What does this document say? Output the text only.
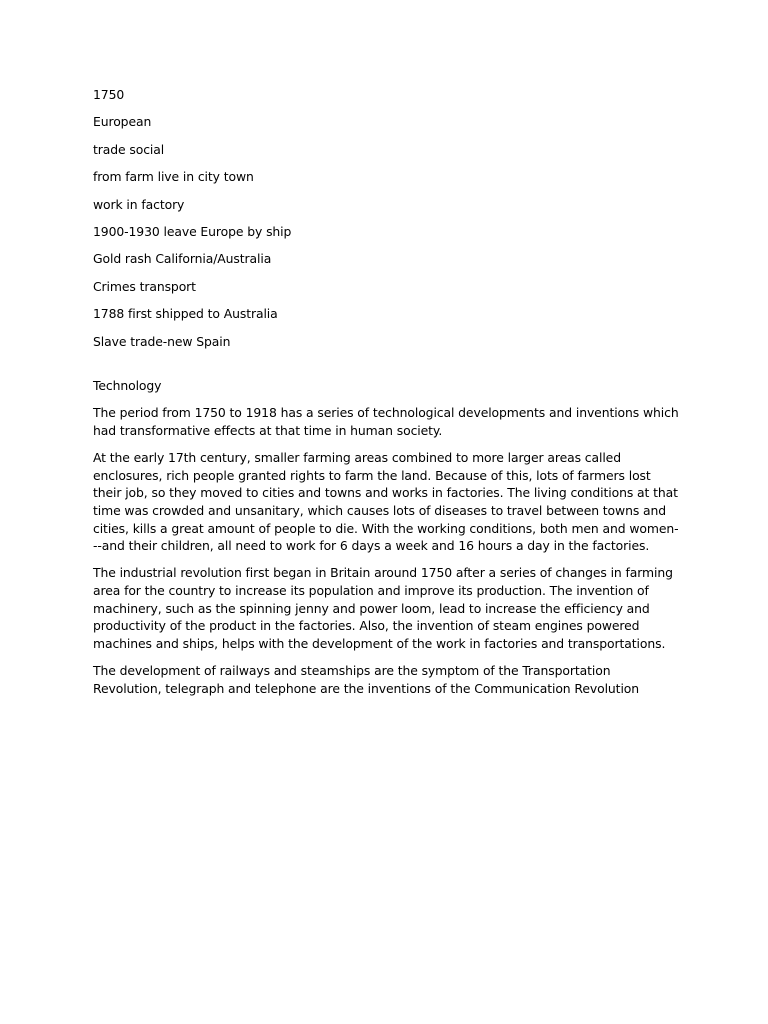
1750

European

trade social

from farm live in city town

work in factory

1900-1930 leave Europe by ship

Gold rash California/Australia

Crimes transport

1788 first shipped to Australia

Slave trade-new Spain

Technology

The period from 1750 to 1918 has a series of technological developments and inventions which had transformative effects at that time in human society.

At the early 17th century, smaller farming areas combined to more larger areas called enclosures, rich people granted rights to farm the land. Because of this, lots of farmers lost their job, so they moved to cities and towns and works in factories. The living conditions at that time was crowded and unsanitary, which causes lots of diseases to travel between towns and cities, kills a great amount of people to die. With the working conditions, both men and women---and their children, all need to work for 6 days a week and 16 hours a day in the factories.

The industrial revolution first began in Britain around 1750 after a series of changes in farming area for the country to increase its population and improve its production. The invention of machinery, such as the spinning jenny and power loom, lead to increase the efficiency and productivity of the product in the factories. Also, the invention of steam engines powered machines and ships, helps with the development of the work in factories and transportations.

The development of railways and steamships are the symptom of the Transportation Revolution, telegraph and telephone are the inventions of the Communication Revolution
